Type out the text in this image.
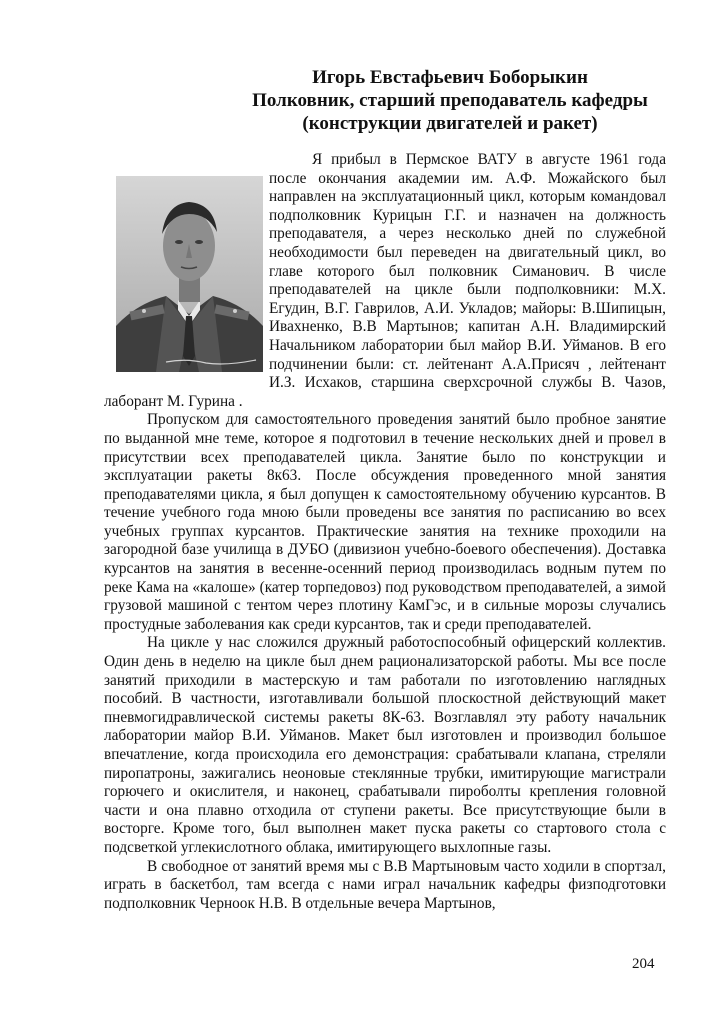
Игорь Евстафьевич Боборыкин
Полковник, старший преподаватель кафедры
(конструкции двигателей и ракет)

Я прибыл в Пермское ВАТУ в августе 1961 года после окончания академии им. А.Ф. Можайского был направлен на эксплуатационный цикл, которым командовал подполковник Курицын Г.Г. и назначен на должность преподавателя, а через несколько дней по служебной необходимости был переведен на двигательный цикл, во главе которого был полковник Симанович. В числе преподавателей на цикле были подполковники: М.Х. Егудин, В.Г. Гаврилов, А.И. Укладов; майоры: В.Шипицын, Ивахненко, В.В Мартынов; капитан А.Н. Владимирский Начальником лаборатории был майор В.И. Уйманов. В его подчинении были: ст. лейтенант А.А.Присяч , лейтенант И.З. Исхаков, старшина сверхсрочной службы В. Чазов, лаборант М. Гурина .

Пропуском для самостоятельного проведения занятий было пробное занятие по выданной мне теме, которое я подготовил в течение нескольких дней и провел в присутствии всех преподавателей цикла. Занятие было по конструкции и эксплуатации ракеты 8к63. После обсуждения проведенного мной занятия преподавателями цикла, я был допущен к самостоятельному обучению курсантов. В течение учебного года мною были проведены все занятия по расписанию во всех учебных группах курсантов. Практические занятия на технике проходили на загородной базе училища в ДУБО (дивизион учебно-боевого обеспечения). Доставка курсантов на занятия в весенне-осенний период производилась водным путем по реке Кама на «калоше» (катер торпедовоз) под руководством преподавателей, а зимой грузовой машиной с тентом через плотину КамГэс, и в сильные морозы случались простудные заболевания как среди курсантов, так и среди преподавателей.

На цикле у нас сложился дружный работоспособный офицерский коллектив. Один день в неделю на цикле был днем рационализаторской работы. Мы все после занятий приходили в мастерскую и там работали по изготовлению наглядных пособий. В частности, изготавливали большой плоскостной действующий макет пневмогидравлической системы ракеты 8К-63. Возглавлял эту работу начальник лаборатории майор В.И. Уйманов. Макет был изготовлен и производил большое впечатление, когда происходила его демонстрация: срабатывали клапана, стреляли пиропатроны, зажигались неоновые стеклянные трубки, имитирующие магистрали горючего и окислителя, и наконец, срабатывали пироболты крепления головной части и она плавно отходила от ступени ракеты. Все присутствующие были в восторге. Кроме того, был выполнен макет пуска ракеты со стартового стола с подсветкой углекислотного облака, имитирующего выхлопные газы.

В свободное от занятий время мы с В.В Мартыновым часто ходили в спортзал, играть в баскетбол, там всегда с нами играл начальник кафедры физподготовки подполковник Черноок Н.В. В отдельные вечера Мартынов,

204
